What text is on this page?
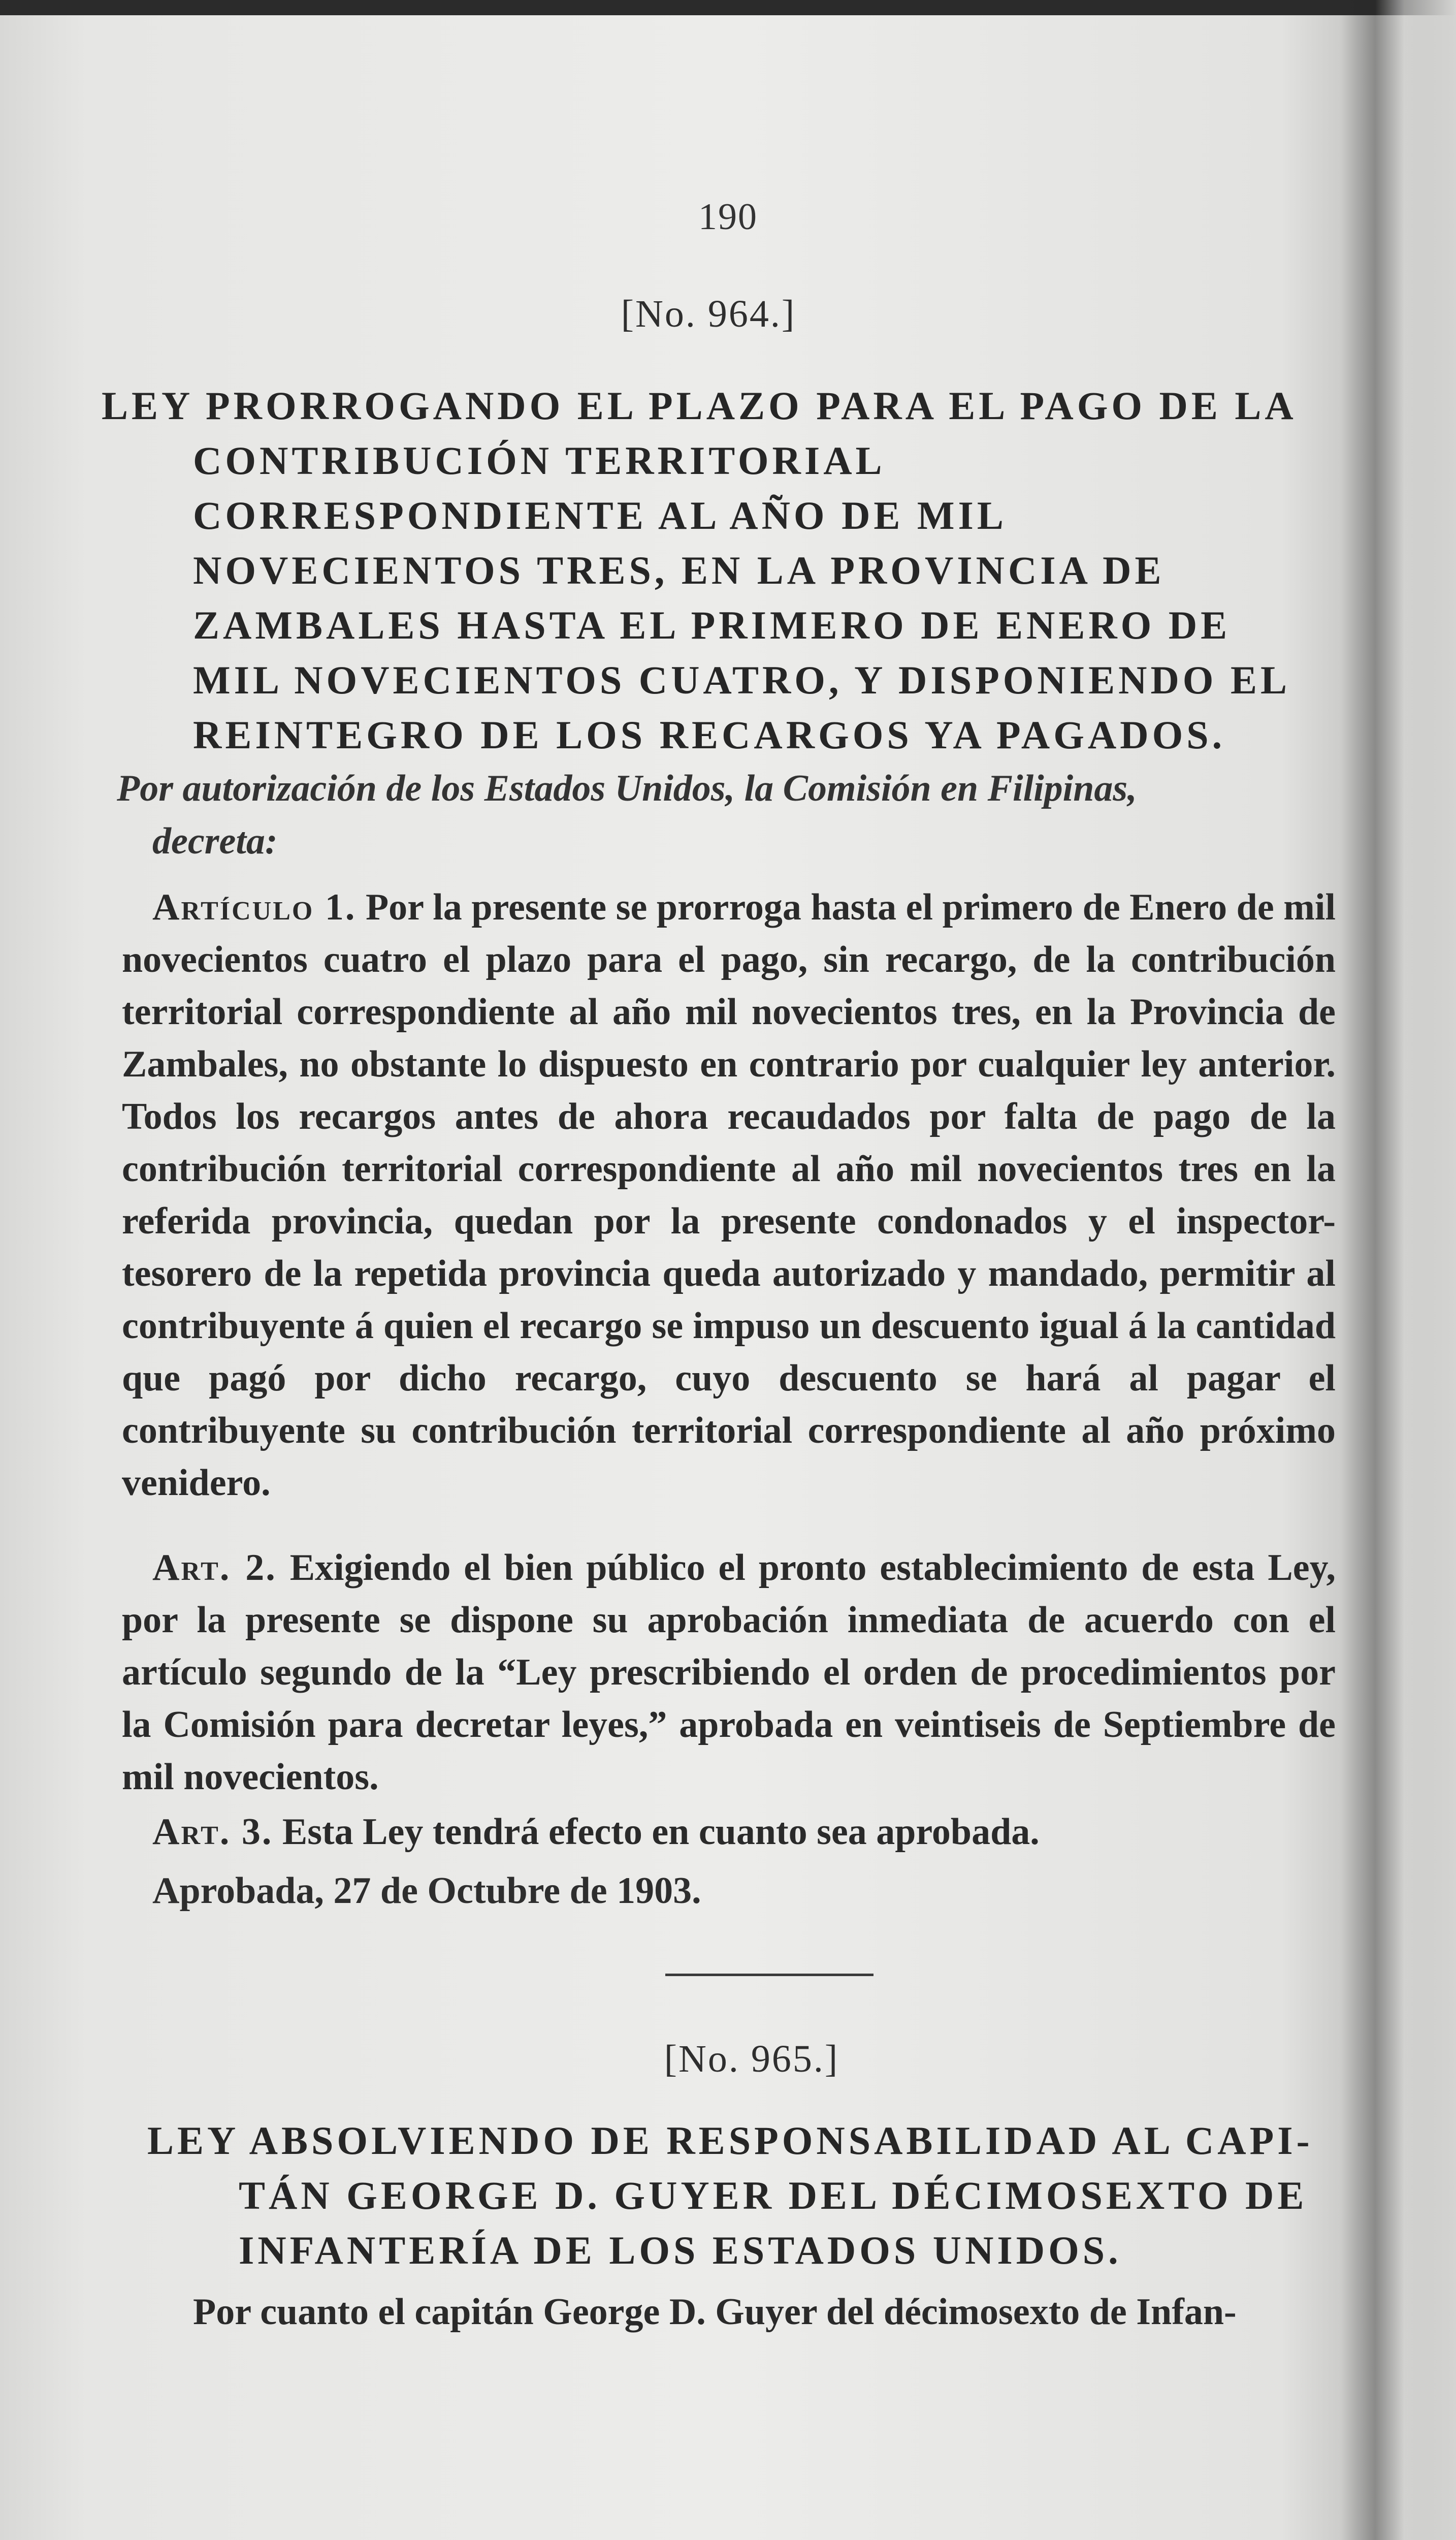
190
[No. 964.]
LEY PRORROGANDO EL PLAZO PARA EL PAGO DE LA CONTRIBUCIÓN TERRITORIAL CORRESPONDIENTE AL AÑO DE MIL NOVECIENTOS TRES, EN LA PROVINCIA DE ZAMBALES HASTA EL PRIMERO DE ENERO DE MIL NOVECIENTOS CUATRO, Y DISPONIENDO EL REINTEGRO DE LOS RECARGOS YA PAGADOS.
Por autorización de los Estados Unidos, la Comisión en Filipinas,
decreta:
Artículo 1. Por la presente se prorroga hasta el primero de Enero de mil novecientos cuatro el plazo para el pago, sin recargo, de la contribución territorial correspondiente al año mil novecientos tres, en la Provincia de Zambales, no obstante lo dispuesto en contrario por cualquier ley anterior. Todos los recargos antes de ahora recaudados por falta de pago de la contribución territorial correspondiente al año mil novecientos tres en la referida provincia, quedan por la presente condonados y el inspector-tesorero de la repetida provincia queda autorizado y mandado, permitir al contribuyente á quien el recargo se impuso un descuento igual á la cantidad que pagó por dicho recargo, cuyo descuento se hará al pagar el contribuyente su contribución territorial correspondiente al año próximo venidero.
Art. 2. Exigiendo el bien público el pronto establecimiento de esta Ley, por la presente se dispone su aprobación inmediata de acuerdo con el artículo segundo de la “Ley prescribiendo el orden de procedimientos por la Comisión para decretar leyes,” aprobada en veintiseis de Septiembre de mil novecientos.
Art. 3. Esta Ley tendrá efecto en cuanto sea aprobada.
Aprobada, 27 de Octubre de 1903.
[No. 965.]
LEY ABSOLVIENDO DE RESPONSABILIDAD AL CAPI- TÁN GEORGE D. GUYER DEL DÉCIMOSEXTO DE INFANTERÍA DE LOS ESTADOS UNIDOS.
Por cuanto el capitán George D. Guyer del décimosexto de Infan-
